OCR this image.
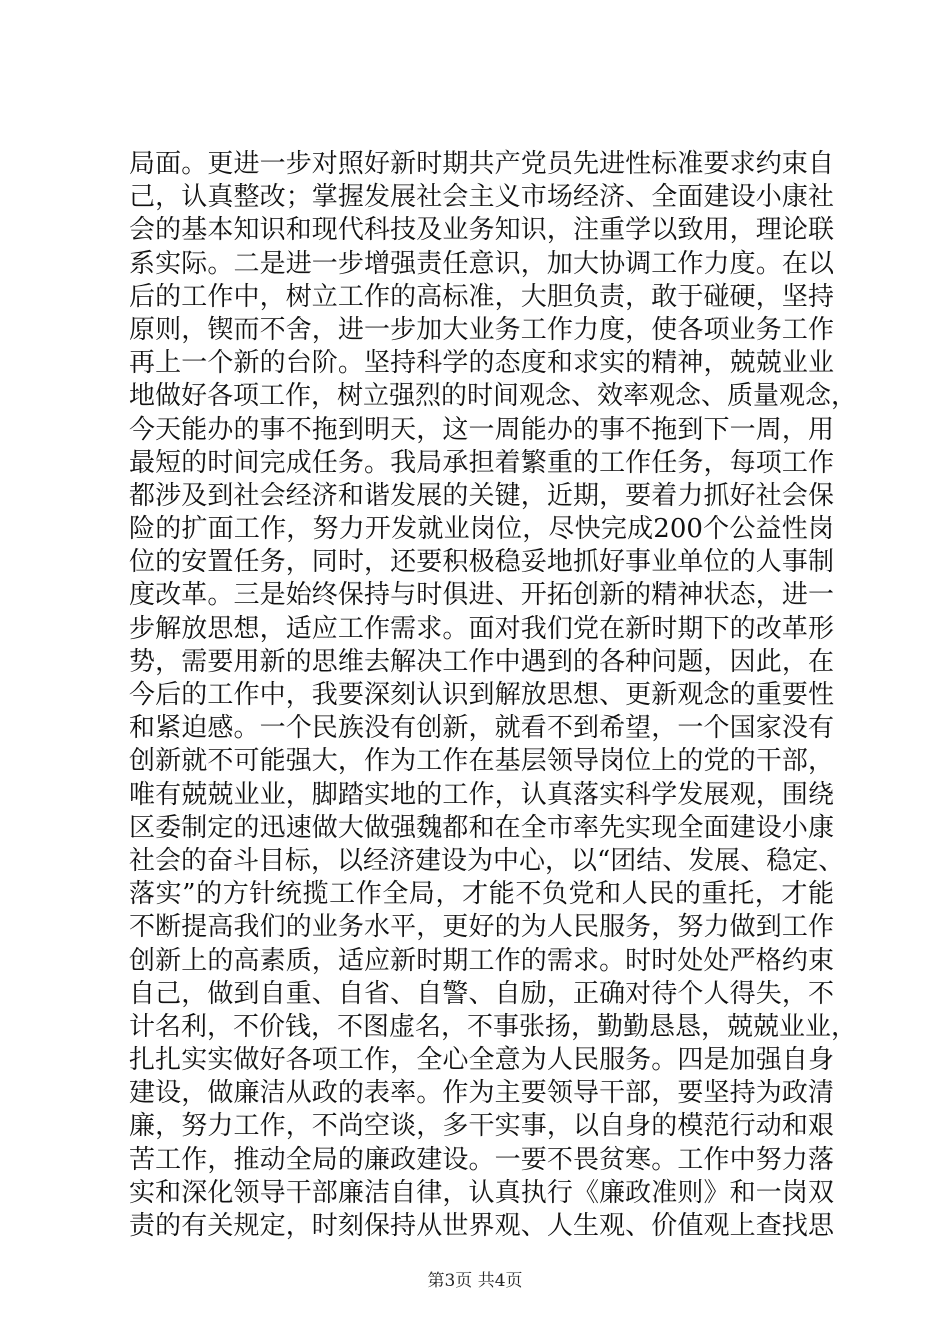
局面。更进一步对照好新时期共产党员先进性标准要求约束自
己，认真整改；掌握发展社会主义市场经济、全面建设小康社
会的基本知识和现代科技及业务知识，注重学以致用，理论联
系实际。二是进一步增强责任意识，加大协调工作力度。在以
后的工作中，树立工作的高标准，大胆负责，敢于碰硬，坚持
原则，锲而不舍，进一步加大业务工作力度，使各项业务工作
再上一个新的台阶。坚持科学的态度和求实的精神，兢兢业业
地做好各项工作，树立强烈的时间观念、效率观念、质量观念，
今天能办的事不拖到明天，这一周能办的事不拖到下一周，用
最短的时间完成任务。我局承担着繁重的工作任务，每项工作
都涉及到社会经济和谐发展的关键，近期，要着力抓好社会保
险的扩面工作，努力开发就业岗位，尽快完成200个公益性岗
位的安置任务，同时，还要积极稳妥地抓好事业单位的人事制
度改革。三是始终保持与时俱进、开拓创新的精神状态，进一
步解放思想，适应工作需求。面对我们党在新时期下的改革形
势，需要用新的思维去解决工作中遇到的各种问题，因此，在
今后的工作中，我要深刻认识到解放思想、更新观念的重要性
和紧迫感。一个民族没有创新，就看不到希望，一个国家没有
创新就不可能强大，作为工作在基层领导岗位上的党的干部，
唯有兢兢业业，脚踏实地的工作，认真落实科学发展观，围绕
区委制定的迅速做大做强魏都和在全市率先实现全面建设小康
社会的奋斗目标，以经济建设为中心，以“团结、发展、稳定、
落实”的方针统揽工作全局，才能不负党和人民的重托，才能
不断提高我们的业务水平，更好的为人民服务，努力做到工作
创新上的高素质，适应新时期工作的需求。时时处处严格约束
自己，做到自重、自省、自警、自励，正确对待个人得失，不
计名利，不价钱，不图虚名，不事张扬，勤勤恳恳，兢兢业业，
扎扎实实做好各项工作，全心全意为人民服务。四是加强自身
建设，做廉洁从政的表率。作为主要领导干部，要坚持为政清
廉，努力工作，不尚空谈，多干实事，以自身的模范行动和艰
苦工作，推动全局的廉政建设。一要不畏贫寒。工作中努力落
实和深化领导干部廉洁自律，认真执行《廉政准则》和一岗双
责的有关规定，时刻保持从世界观、人生观、价值观上查找思
第3页 共4页
